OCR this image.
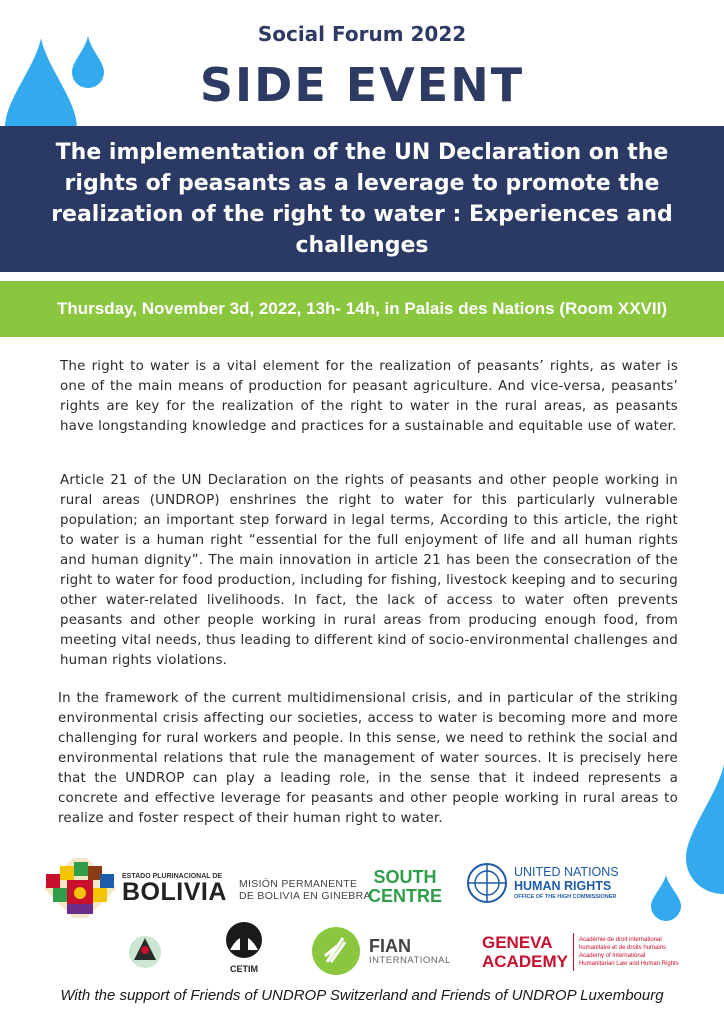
Social Forum 2022
SIDE EVENT
The implementation of the UN Declaration on the rights of peasants as a leverage to promote the realization of the right to water : Experiences and challenges

Thursday, November 3d, 2022, 13h- 14h, in Palais des Nations (Room XXVII)

The right to water is a vital element for the realization of peasants’ rights, as water is one of the main means of production for peasant agriculture. And vice-versa, peasants’ rights are key for the realization of the right to water in the rural areas, as peasants have longstanding knowledge and practices for a sustainable and equitable use of water.

Article 21 of the UN Declaration on the rights of peasants and other people working in rural areas (UNDROP) enshrines the right to water for this particularly vulnerable population; an important step forward in legal terms, According to this article, the right to water is a human right “essential for the full enjoyment of life and all human rights and human dignity”. The main innovation in article 21 has been the consecration of the right to water for food production, including for fishing, livestock keeping and to securing other water-related livelihoods. In fact, the lack of access to water often prevents peasants and other people working in rural areas from producing enough food, from meeting vital needs, thus leading to different kind of socio-environmental challenges and human rights violations.

In the framework of the current multidimensional crisis, and in particular of the striking environmental crisis affecting our societies, access to water is becoming more and more challenging for rural workers and people. In this sense, we need to rethink the social and environmental relations that rule the management of water sources. It is precisely here that the UNDROP can play a leading role, in the sense that it indeed represents a concrete and effective leverage for peasants and other people working in rural areas to realize and foster respect of their human right to water.

ESTADO PLURINACIONAL DE
BOLIVIA MISIÓN PERMANENTE
DE BOLIVIA EN GINEBRA
SOUTH
CENTRE
UNITED NATIONS
HUMAN RIGHTS
OFFICE OF THE HIGH COMMISSIONER
CETIM
FIAN
INTERNATIONAL
GENEVA
ACADEMY
Académie de droit international
humanitaire et de droits humains
Academy of International
Humanitarian Law and Human Rights
With the support of Friends of UNDROP Switzerland and Friends of UNDROP Luxembourg
